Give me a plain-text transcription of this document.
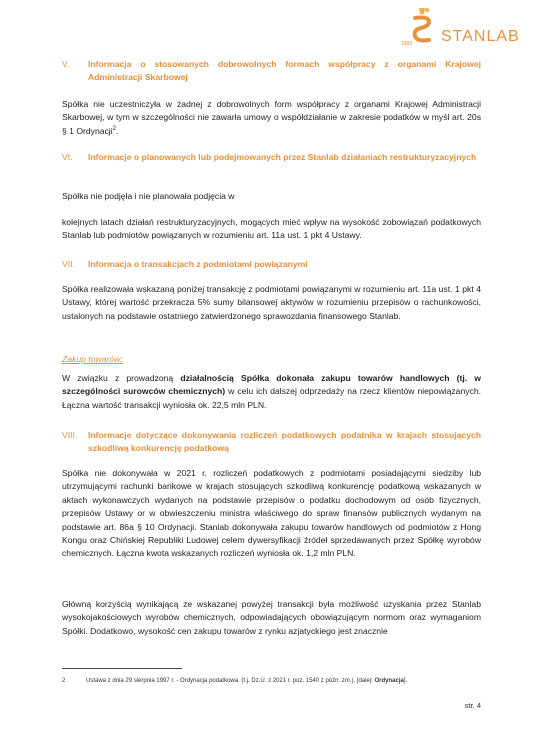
1989 STANLAB
V.	Informacja o stosowanych dobrowolnych formach współpracy z organami Krajowej Administracji Skarbowej

Spółka nie uczestniczyła w żadnej z dobrowolnych form współpracy z organami Krajowej Administracji Skarbowej, w tym w szczególności nie zawarła umowy o współdziałanie w zakresie podatków w myśl art. 20s § 1 Ordynacji$^2$.

VI.	Informacje o planowanych lub podejmowanych przez Stanlab działaniach restrukturyzacyjnych

Spółka nie podjęła i nie planowała podjęcia w

kolejnych latach działań restrukturyzacyjnych, mogących mieć wpływ na wysokość zobowiązań podatkowych Stanlab lub podmiotów powiązanych w rozumieniu art. 11a ust. 1 pkt 4 Ustawy.

VII.	Informacja o transakcjach z podmiotami powiązanymi

Spółka realizowała wskazaną poniżej transakcję z podmiotami powiązanymi w rozumieniu art. 11a ust. 1 pkt 4 Ustawy, której wartość przekracza 5% sumy bilansowej aktywów w rozumieniu przepisów o rachunkowości, ustalonych na podstawie ostatniego zatwierdzonego sprawozdania finansowego Stanlab.

Zakup towarów:

W związku z prowadzoną działalnością Spółka dokonała zakupu towarów handlowych (tj. w szczególności surowców chemicznych) w celu ich dalszej odprzedaży na rzecz klientów niepowiązanych. Łączna wartość transakcji wyniosła ok. 22,5 mln PLN.

VIII.	Informacje dotyczące dokonywania rozliczeń podatkowych podatnika w krajach stosujących szkodliwą konkurencję podatkową

Spółka nie dokonywała w 2021 r. rozliczeń podatkowych z podmiotami posiadającymi siedziby lub utrzymującymi rachunki bankowe w krajach stosujących szkodliwą konkurencję podatkową wskazanych w aktach wykonawczych wydanych na podstawie przepisów o podatku dochodowym od osób fizycznych, przepisów Ustawy or w obwieszczeniu ministra właściwego do spraw finansów publicznych wydanym na podstawie art. 86a § 10 Ordynacji. Stanlab dokonywała zakupu towarów handlowych od podmiotów z Hong Kongu oraz Chińskiej Republiki Ludowej celem dywersyfikacji źródeł sprzedawanych przez Spółkę wyrobów chemicznych. Łączna kwota wskazanych rozliczeń wyniosła ok. 1,2 mln PLN.

Główną korzyścią wynikającą ze wskazanej powyżej transakcji była możliwość uzyskania przez Stanlab wysokojakościowych wyrobów chemicznych, odpowiadających obowiązującym normom oraz wymaganiom Spółki. Dodatkowo, wysokość cen zakupu towarów z rynku azjatyckiego jest znacznie

2	Ustawa z dnia 29 sierpnia 1997 r. - Ordynacja podatkowa. (t.j. Dz.U. z 2021 r. poz. 1540 z późn. zm.), [dalej: Ordynacja].
str. 4
